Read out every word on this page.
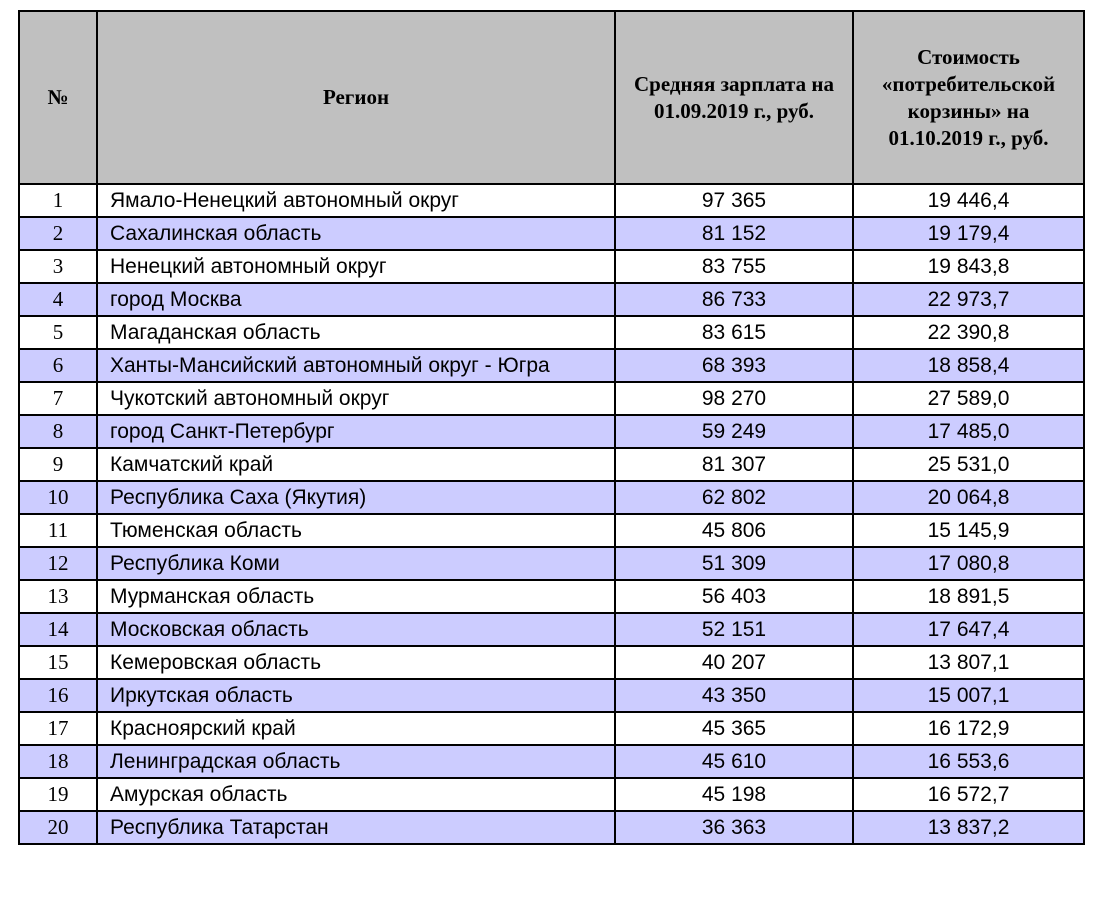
№	Регион	Средняя зарплата на 01.09.2019 г., руб.	Стоимость «потребительской корзины» на 01.10.2019 г., руб.
1	Ямало-Ненецкий автономный округ	97 365	19 446,4
2	Сахалинская область	81 152	19 179,4
3	Ненецкий автономный округ	83 755	19 843,8
4	город Москва	86 733	22 973,7
5	Магаданская область	83 615	22 390,8
6	Ханты-Мансийский автономный округ - Югра	68 393	18 858,4
7	Чукотский автономный округ	98 270	27 589,0
8	город Санкт-Петербург	59 249	17 485,0
9	Камчатский край	81 307	25 531,0
10	Республика Саха (Якутия)	62 802	20 064,8
11	Тюменская область	45 806	15 145,9
12	Республика Коми	51 309	17 080,8
13	Мурманская область	56 403	18 891,5
14	Московская область	52 151	17 647,4
15	Кемеровская область	40 207	13 807,1
16	Иркутская область	43 350	15 007,1
17	Красноярский край	45 365	16 172,9
18	Ленинградская область	45 610	16 553,6
19	Амурская область	45 198	16 572,7
20	Республика Татарстан	36 363	13 837,2
